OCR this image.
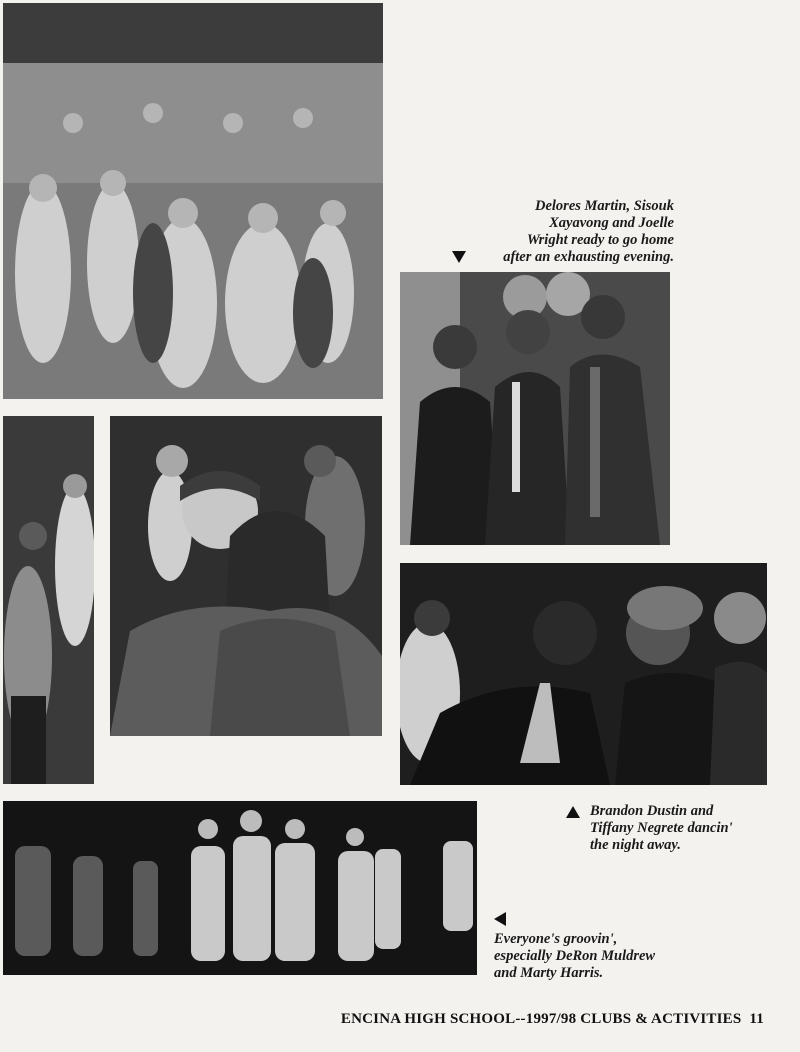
Delores Martin, Sisouk
Xayavong and Joelle
Wright ready to go home
after an exhausting evening.
Brandon Dustin and
Tiffany Negrete dancin'
the night away.
Everyone's groovin',
especially DeRon Muldrew
and Marty Harris.
ENCINA HIGH SCHOOL--1997/98 CLUBS & ACTIVITIES 11
